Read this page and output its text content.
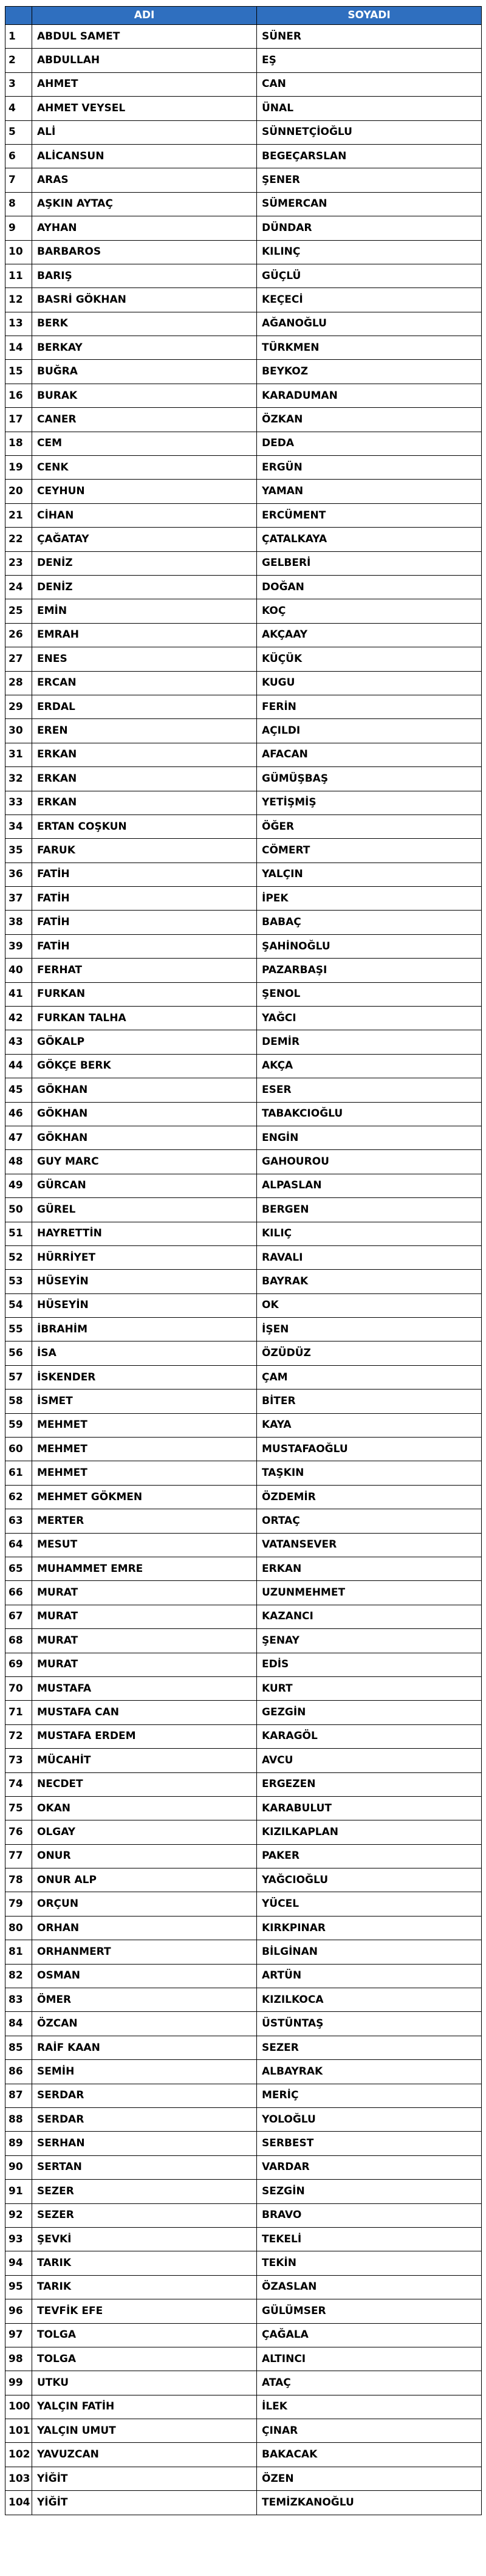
	ADI	SOYADI
1	ABDUL SAMET	SÜNER
2	ABDULLAH	EŞ
3	AHMET	CAN
4	AHMET VEYSEL	ÜNAL
5	ALİ	SÜNNETÇİOĞLU
6	ALİCANSUN	BEGEÇARSLAN
7	ARAS	ŞENER
8	AŞKIN AYTAÇ	SÜMERCAN
9	AYHAN	DÜNDAR
10	BARBAROS	KILINÇ
11	BARIŞ	GÜÇLÜ
12	BASRİ GÖKHAN	KEÇECİ
13	BERK	AĞANOĞLU
14	BERKAY	TÜRKMEN
15	BUĞRA	BEYKOZ
16	BURAK	KARADUMAN
17	CANER	ÖZKAN
18	CEM	DEDA
19	CENK	ERGÜN
20	CEYHUN	YAMAN
21	CİHAN	ERCÜMENT
22	ÇAĞATAY	ÇATALKAYA
23	DENİZ	GELBERİ
24	DENİZ	DOĞAN
25	EMİN	KOÇ
26	EMRAH	AKÇAAY
27	ENES	KÜÇÜK
28	ERCAN	KUGU
29	ERDAL	FERİN
30	EREN	AÇILDI
31	ERKAN	AFACAN
32	ERKAN	GÜMÜŞBAŞ
33	ERKAN	YETİŞMİŞ
34	ERTAN COŞKUN	ÖĞER
35	FARUK	CÖMERT
36	FATİH	YALÇIN
37	FATİH	İPEK
38	FATİH	BABAÇ
39	FATİH	ŞAHİNOĞLU
40	FERHAT	PAZARBAŞI
41	FURKAN	ŞENOL
42	FURKAN TALHA	YAĞCI
43	GÖKALP	DEMİR
44	GÖKÇE BERK	AKÇA
45	GÖKHAN	ESER
46	GÖKHAN	TABAKCIOĞLU
47	GÖKHAN	ENGİN
48	GUY MARC	GAHOUROU
49	GÜRCAN	ALPASLAN
50	GÜREL	BERGEN
51	HAYRETTİN	KILIÇ
52	HÜRRİYET	RAVALI
53	HÜSEYİN	BAYRAK
54	HÜSEYİN	OK
55	İBRAHİM	İŞEN
56	İSA	ÖZÜDÜZ
57	İSKENDER	ÇAM
58	İSMET	BİTER
59	MEHMET	KAYA
60	MEHMET	MUSTAFAOĞLU
61	MEHMET	TAŞKIN
62	MEHMET GÖKMEN	ÖZDEMİR
63	MERTER	ORTAÇ
64	MESUT	VATANSEVER
65	MUHAMMET EMRE	ERKAN
66	MURAT	UZUNMEHMET
67	MURAT	KAZANCI
68	MURAT	ŞENAY
69	MURAT	EDİS
70	MUSTAFA	KURT
71	MUSTAFA CAN	GEZGİN
72	MUSTAFA ERDEM	KARAGÖL
73	MÜCAHİT	AVCU
74	NECDET	ERGEZEN
75	OKAN	KARABULUT
76	OLGAY	KIZILKAPLAN
77	ONUR	PAKER
78	ONUR ALP	YAĞCIOĞLU
79	ORÇUN	YÜCEL
80	ORHAN	KIRKPINAR
81	ORHANMERT	BİLGİNAN
82	OSMAN	ARTÜN
83	ÖMER	KIZILKOCA
84	ÖZCAN	ÜSTÜNTAŞ
85	RAİF KAAN	SEZER
86	SEMİH	ALBAYRAK
87	SERDAR	MERİÇ
88	SERDAR	YOLOĞLU
89	SERHAN	SERBEST
90	SERTAN	VARDAR
91	SEZER	SEZGİN
92	SEZER	BRAVO
93	ŞEVKİ	TEKELİ
94	TARIK	TEKİN
95	TARIK	ÖZASLAN
96	TEVFİK EFE	GÜLÜMSER
97	TOLGA	ÇAĞALA
98	TOLGA	ALTINCI
99	UTKU	ATAÇ
100	YALÇIN FATİH	İLEK
101	YALÇIN UMUT	ÇINAR
102	YAVUZCAN	BAKACAK
103	YİĞİT	ÖZEN
104	YİĞİT	TEMİZKANOĞLU
